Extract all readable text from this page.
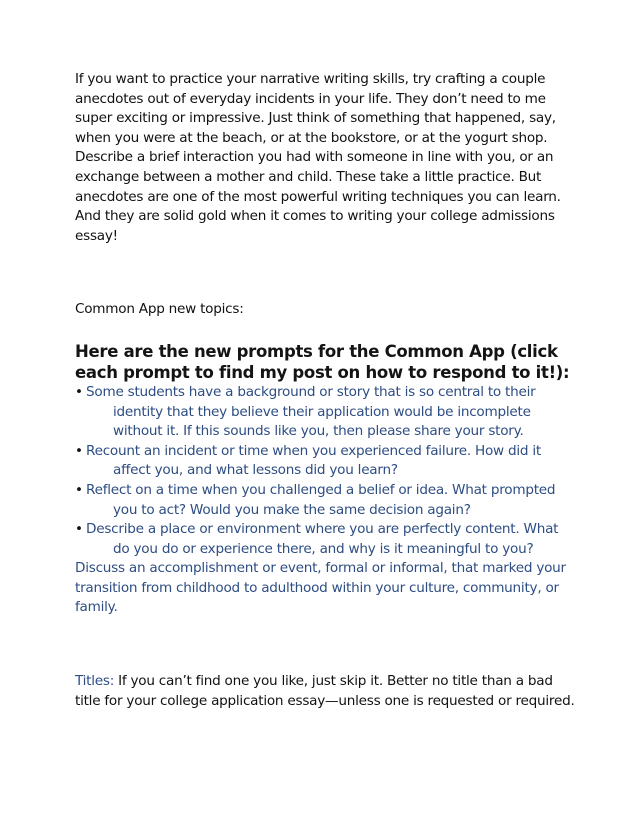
If you want to practice your narrative writing skills, try crafting a couple anecdotes out of everyday incidents in your life. They don’t need to me super exciting or impressive. Just think of something that happened, say, when you were at the beach, or at the bookstore, or at the yogurt shop. Describe a brief interaction you had with someone in line with you, or an exchange between a mother and child. These take a little practice. But anecdotes are one of the most powerful writing techniques you can learn. And they are solid gold when it comes to writing your college admissions essay!

Common App new topics:

Here are the new prompts for the Common App (click each prompt to find my post on how to respond to it!):
• Some students have a background or story that is so central to their identity that they believe their application would be incomplete without it. If this sounds like you, then please share your story.
• Recount an incident or time when you experienced failure. How did it affect you, and what lessons did you learn?
• Reflect on a time when you challenged a belief or idea. What prompted you to act? Would you make the same decision again?
• Describe a place or environment where you are perfectly content. What do you do or experience there, and why is it meaningful to you?

Discuss an accomplishment or event, formal or informal, that marked your transition from childhood to adulthood within your culture, community, or family.

Titles: If you can’t find one you like, just skip it. Better no title than a bad title for your college application essay—unless one is requested or required.
